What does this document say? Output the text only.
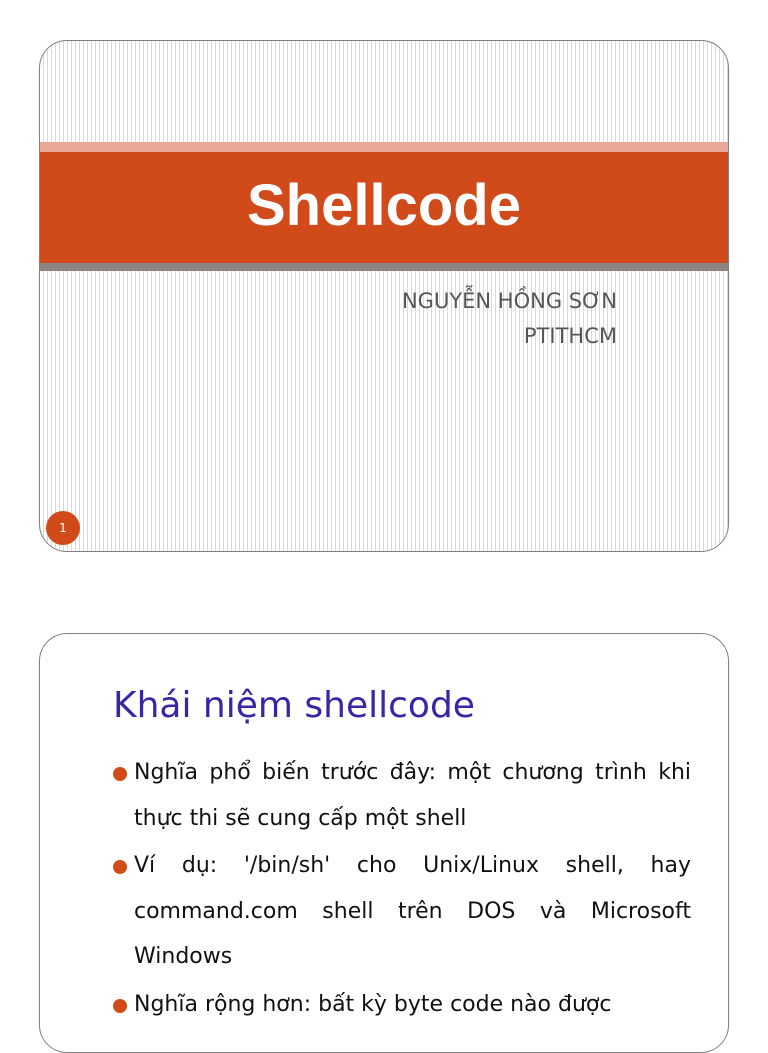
Shellcode
NGUYỄN HỒNG SƠN
PTITHCM
1
Khái niệm shellcode
Nghĩa phổ biến trước đây: một chương trình khi thực thi sẽ cung cấp một shell
Ví dụ: '/bin/sh' cho Unix/Linux shell, hay command.com shell trên DOS và Microsoft Windows
Nghĩa rộng hơn: bất kỳ byte code nào được
